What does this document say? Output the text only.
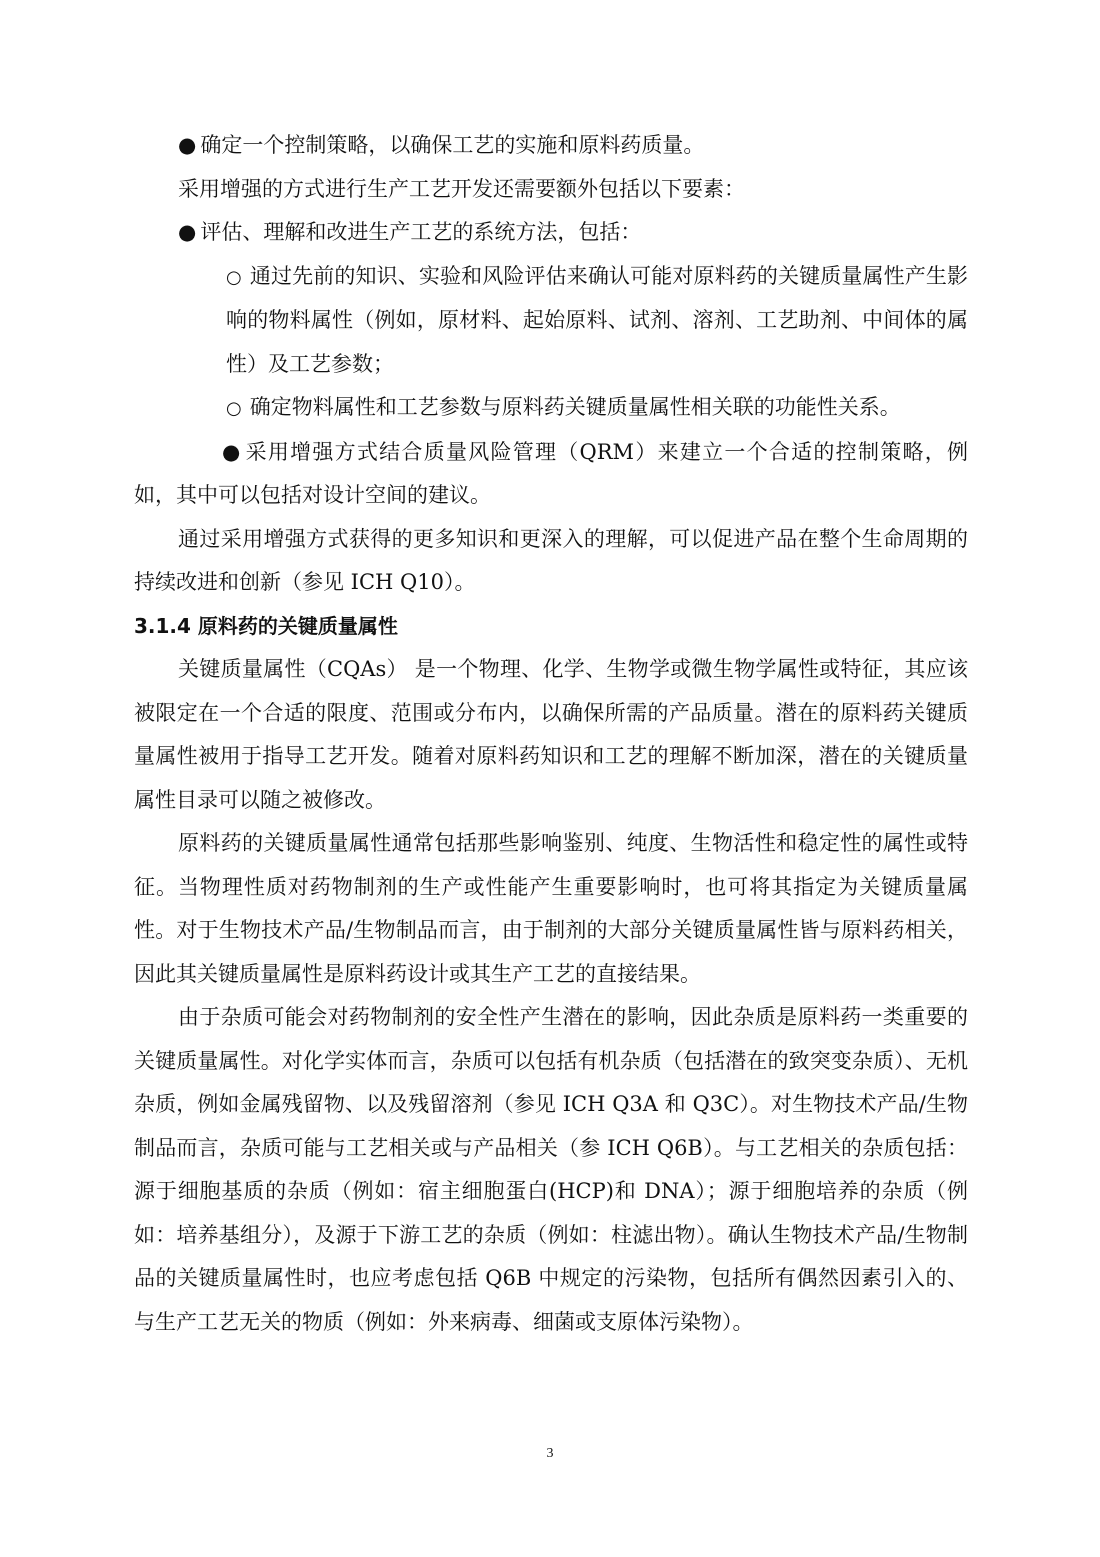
● 确定一个控制策略，以确保工艺的实施和原料药质量。

采用增强的方式进行生产工艺开发还需要额外包括以下要素：

● 评估、理解和改进生产工艺的系统方法，包括：

○ 通过先前的知识、实验和风险评估来确认可能对原料药的关键质量属性产生影响的物料属性（例如，原材料、起始原料、试剂、溶剂、工艺助剂、中间体的属性）及工艺参数；

○ 确定物料属性和工艺参数与原料药关键质量属性相关联的功能性关系。

● 采用增强方式结合质量风险管理（QRM）来建立一个合适的控制策略，例如，其中可以包括对设计空间的建议。

通过采用增强方式获得的更多知识和更深入的理解，可以促进产品在整个生命周期的持续改进和创新（参见 ICH Q10）。

3.1.4 原料药的关键质量属性

关键质量属性（CQAs） 是一个物理、化学、生物学或微生物学属性或特征，其应该被限定在一个合适的限度、范围或分布内，以确保所需的产品质量。潜在的原料药关键质量属性被用于指导工艺开发。随着对原料药知识和工艺的理解不断加深，潜在的关键质量属性目录可以随之被修改。

原料药的关键质量属性通常包括那些影响鉴别、纯度、生物活性和稳定性的属性或特征。当物理性质对药物制剂的生产或性能产生重要影响时，也可将其指定为关键质量属性。对于生物技术产品/生物制品而言，由于制剂的大部分关键质量属性皆与原料药相关，因此其关键质量属性是原料药设计或其生产工艺的直接结果。

由于杂质可能会对药物制剂的安全性产生潜在的影响，因此杂质是原料药一类重要的关键质量属性。对化学实体而言，杂质可以包括有机杂质（包括潜在的致突变杂质）、无机杂质，例如金属残留物、以及残留溶剂（参见 ICH Q3A 和 Q3C）。对生物技术产品/生物制品而言，杂质可能与工艺相关或与产品相关（参 ICH Q6B）。与工艺相关的杂质包括：源于细胞基质的杂质（例如：宿主细胞蛋白(HCP)和 DNA）；源于细胞培养的杂质（例如：培养基组分），及源于下游工艺的杂质（例如：柱滤出物）。确认生物技术产品/生物制品的关键质量属性时，也应考虑包括 Q6B 中规定的污染物，包括所有偶然因素引入的、与生产工艺无关的物质（例如：外来病毒、细菌或支原体污染物）。

3
